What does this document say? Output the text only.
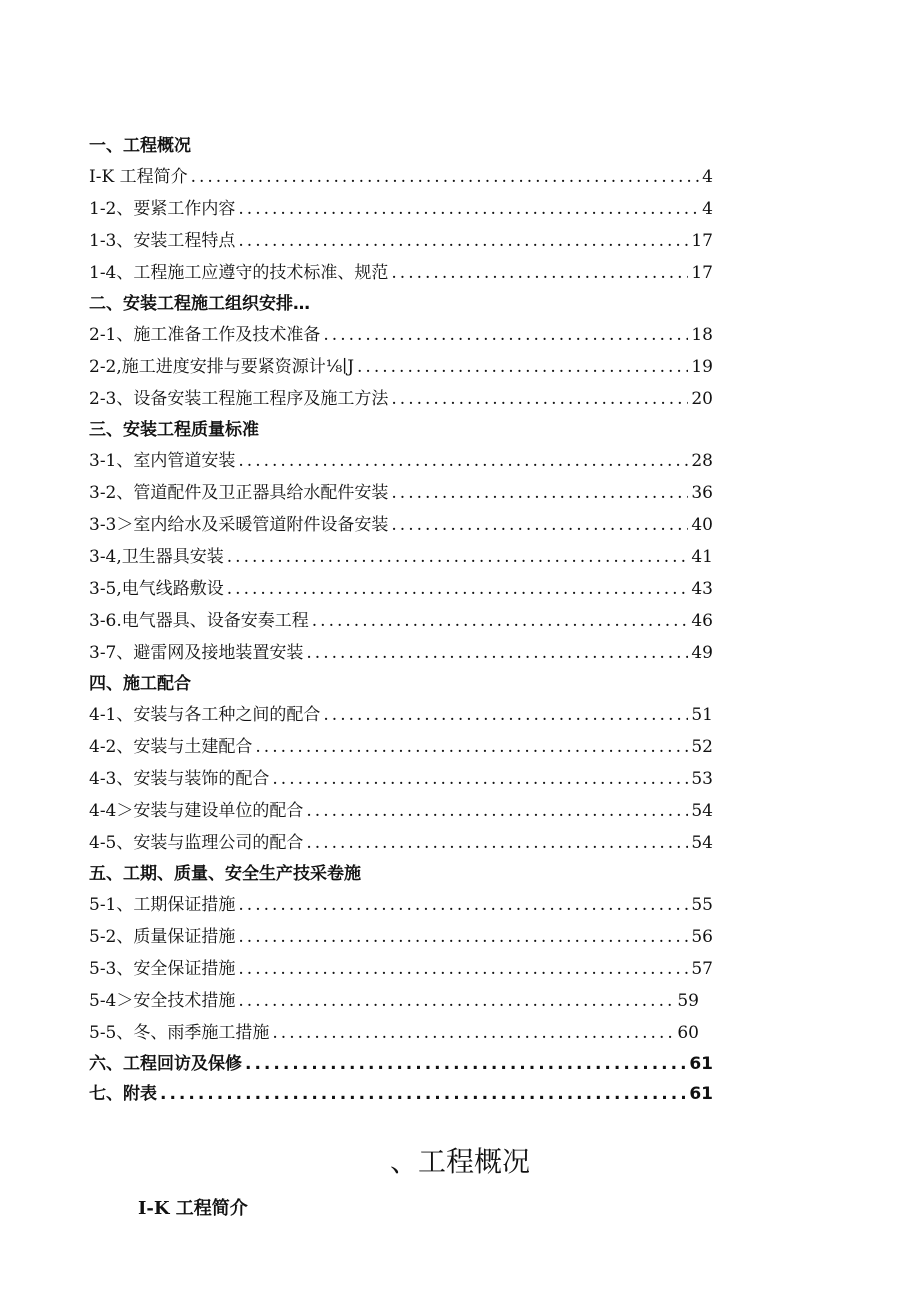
一、工程概况
I-K 工程简介 .....	4
1-2、要紧工作内容 .....	4
1-3、安装工程特点 .....	17
1-4、工程施工应遵守的技术标准、规范 .....	17
二、安装工程施工组织安排…
2-1、施工准备工作及技术准备 .....	18
2-2,施工进度安排与要紧资源计⅛∣J .....	19
2-3、设备安装工程施工程序及施工方法 .....	20
三、安装工程质量标准
3-1、室内管道安装 .....	28
3-2、管道配件及卫正器具给水配件安装 .....	36
3-3＞室内给水及采暖管道附件设备安装 .....	40
3-4,卫生器具安装 .....	41
3-5,电气线路敷设 .....	43
3-6.电气器具、设备安奏工程 .....	46
3-7、避雷网及接地装置安装 .....	49
四、施工配合
4-1、安装与各工种之间的配合 .....	51
4-2、安装与土建配合 .....	52
4-3、安装与装饰的配合 .....	53
4-4＞安装与建设单位的配合 .....	54
4-5、安装与监理公司的配合 .....	54
五、工期、质量、安全生产技采卷施
5-1、工期保证措施 .....	55
5-2、质量保证措施 .....	56
5-3、安全保证措施 .....	57
5-4＞安全技术措施 .....	59
5-5、冬、雨季施工措施 .....	60
六、工程回访及保修 .....	61
七、附表 .....	61
、工程概况
I-K 工程简介
